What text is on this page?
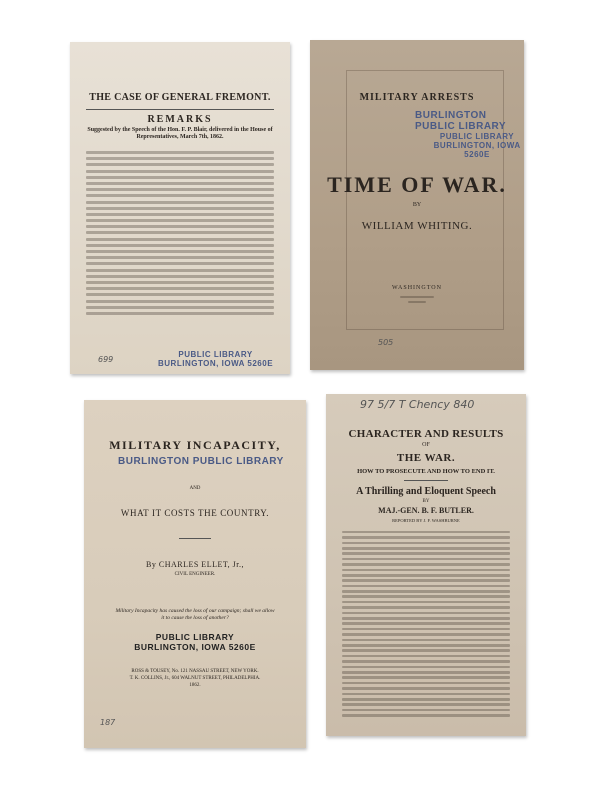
THE CASE OF GENERAL FREMONT.
REMARKS
Suggested by the Speech of the Hon. F. P. Blair, delivered in the House of Representatives, March 7th, 1862.
699
PUBLIC LIBRARY
BURLINGTON, IOWA 5260E
MILITARY ARRESTS
BURLINGTON PUBLIC LIBRARY
PUBLIC LIBRARY
BURLINGTON, IOWA 5260E
TIME OF WAR.
BY
WILLIAM WHITING.
WASHINGTON
505
MILITARY INCAPACITY,
BURLINGTON PUBLIC LIBRARY
AND
WHAT IT COSTS THE COUNTRY.
By CHARLES ELLET, Jr.,
CIVIL ENGINEER.
Military Incapacity has caused the loss of our campaign; shall we allow it to cause the loss of another?
PUBLIC LIBRARY
BURLINGTON, IOWA 5260E
ROSS & TOUSEY, No. 121 NASSAU STREET, NEW YORK.
T. K. COLLINS, Jr., 604 WALNUT STREET, PHILADELPHIA.
1862.
187
97 5/7 T Chency 840
CHARACTER AND RESULTS
OF
THE WAR.
HOW TO PROSECUTE AND HOW TO END IT.
A Thrilling and Eloquent Speech
BY
MAJ.-GEN. B. F. BUTLER.
REPORTED BY J. F. WASHBURNE
